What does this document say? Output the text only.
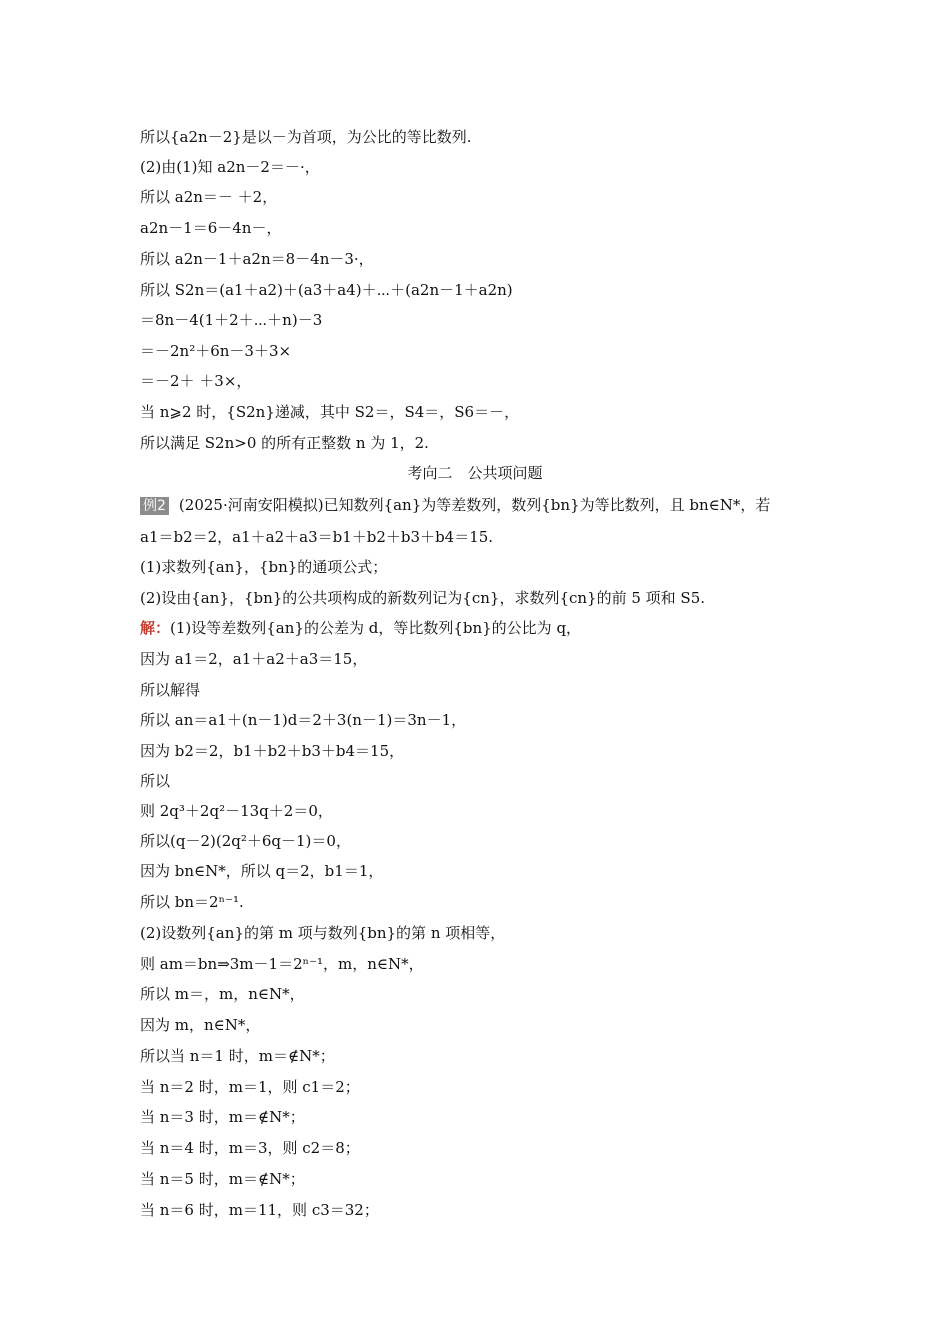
所以{a2n－2}是以－为首项，为公比的等比数列.
(2)由(1)知 a2n－2＝－·，
所以 a2n＝－ ＋2，
a2n－1＝6－4n－，
所以 a2n－1＋a2n＝8－4n－3·，
所以 S2n＝(a1＋a2)＋(a3＋a4)＋⋯＋(a2n－1＋a2n)
＝8n－4(1＋2＋⋯＋n)－3
＝－2n²＋6n－3＋3×
＝－2＋ ＋3×，
当 n⩾2 时，{S2n}递减，其中 S2＝，S4＝，S6＝－，
所以满足 S2n>0 的所有正整数 n 为 1，2.
考向二　公共项问题
例2 (2025·河南安阳模拟)已知数列{an}为等差数列，数列{bn}为等比数列，且 bn∈N*，若
a1＝b2＝2，a1＋a2＋a3＝b1＋b2＋b3＋b4＝15.
(1)求数列{an}，{bn}的通项公式；
(2)设由{an}，{bn}的公共项构成的新数列记为{cn}，求数列{cn}的前 5 项和 S5.
解：(1)设等差数列{an}的公差为 d，等比数列{bn}的公比为 q，
因为 a1＝2，a1＋a2＋a3＝15，
所以解得
所以 an＝a1＋(n－1)d＝2＋3(n－1)＝3n－1，
因为 b2＝2，b1＋b2＋b3＋b4＝15，
所以
则 2q³＋2q²－13q＋2＝0，
所以(q－2)(2q²＋6q－1)＝0，
因为 bn∈N*，所以 q＝2，b1＝1，
所以 bn＝2ⁿ⁻¹.
(2)设数列{an}的第 m 项与数列{bn}的第 n 项相等，
则 am＝bn⇒3m－1＝2ⁿ⁻¹，m，n∈N*，
所以 m＝，m，n∈N*，
因为 m，n∈N*，
所以当 n＝1 时，m＝∉N*；
当 n＝2 时，m＝1，则 c1＝2；
当 n＝3 时，m＝∉N*；
当 n＝4 时，m＝3，则 c2＝8；
当 n＝5 时，m＝∉N*；
当 n＝6 时，m＝11，则 c3＝32；
